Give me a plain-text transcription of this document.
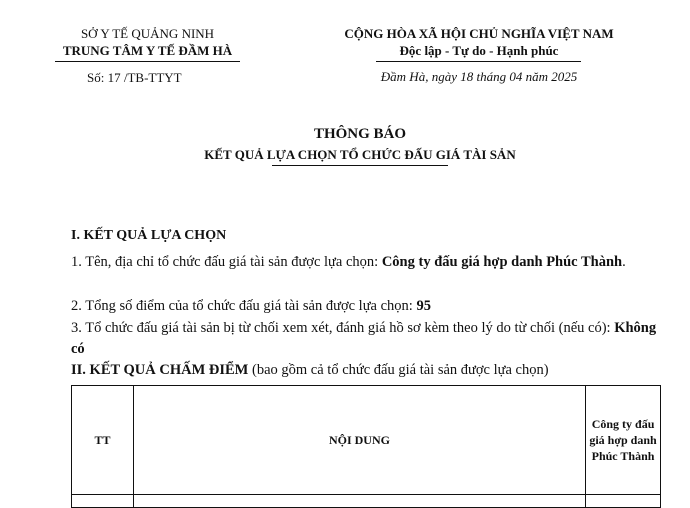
SỞ Y TẾ QUẢNG NINH
TRUNG TÂM Y TẾ ĐẦM HÀ
Số: 17 /TB-TTYT
CỘNG HÒA XÃ HỘI CHỦ NGHĨA VIỆT NAM
Độc lập - Tự do - Hạnh phúc
Đầm Hà, ngày 18 tháng 04 năm 2025
THÔNG BÁO
KẾT QUẢ LỰA CHỌN TỔ CHỨC ĐẤU GIÁ TÀI SẢN
I. KẾT QUẢ LỰA CHỌN
1. Tên, địa chỉ tổ chức đấu giá tài sản được lựa chọn: Công ty đấu giá hợp danh Phúc Thành.
2. Tổng số điểm của tổ chức đấu giá tài sản được lựa chọn: 95
3. Tổ chức đấu giá tài sản bị từ chối xem xét, đánh giá hồ sơ kèm theo lý do từ chối (nếu có): Không có
II. KẾT QUẢ CHẤM ĐIỂM (bao gồm cả tổ chức đấu giá tài sản được lựa chọn)
TT	NỘI DUNG	Công ty đấu giá hợp danh Phúc Thành
